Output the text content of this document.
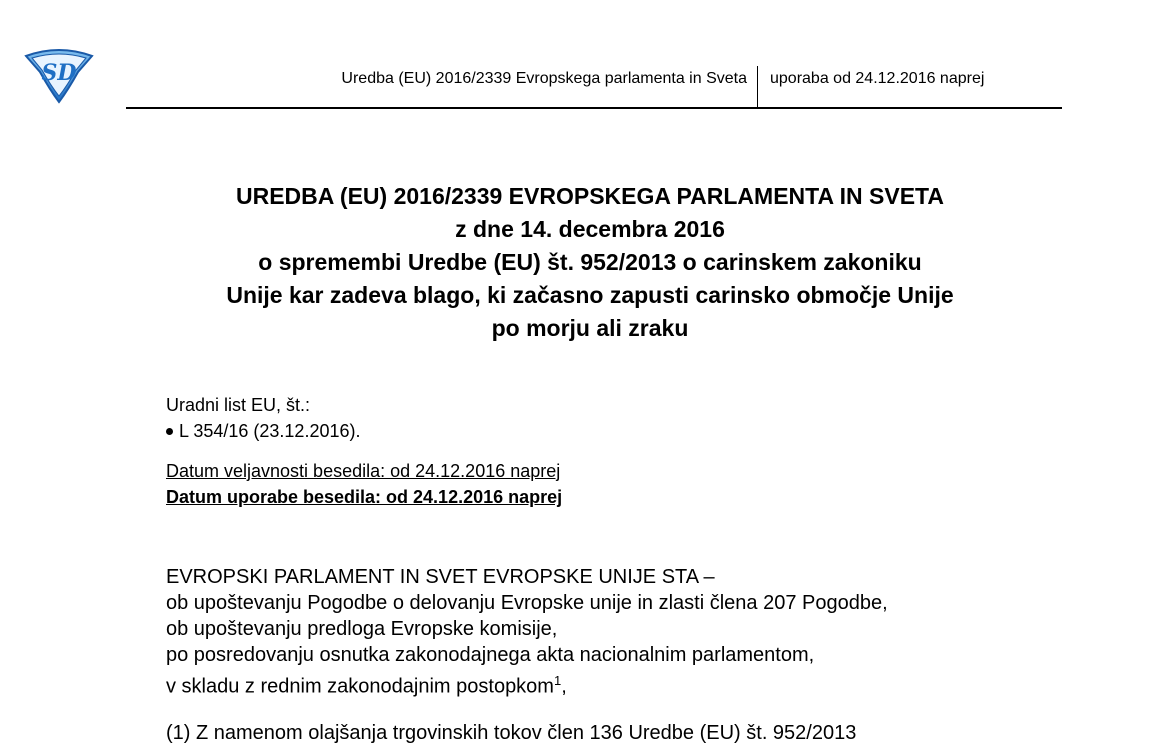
SD	Uredba (EU) 2016/2339 Evropskega parlamenta in Sveta uporaba od 24.12.2016 naprej
UREDBA (EU) 2016/2339 EVROPSKEGA PARLAMENTA IN SVETA
z dne 14. decembra 2016
o spremembi Uredbe (EU) št. 952/2013 o carinskem zakoniku
Unije kar zadeva blago, ki začasno zapusti carinsko območje Unije
po morju ali zraku
Uradni list EU, št.:
L 354/16 (23.12.2016).
Datum veljavnosti besedila: od 24.12.2016 naprej
Datum uporabe besedila: od 24.12.2016 naprej
EVROPSKI PARLAMENT IN SVET EVROPSKE UNIJE STA –
ob upoštevanju Pogodbe o delovanju Evropske unije in zlasti člena 207 Pogodbe,
ob upoštevanju predloga Evropske komisije,
po posredovanju osnutka zakonodajnega akta nacionalnim parlamentom,
v skladu z rednim zakonodajnim postopkom$^1$,
(1) Z namenom olajšanja trgovinskih tokov člen 136 Uredbe (EU) št. 952/2013
